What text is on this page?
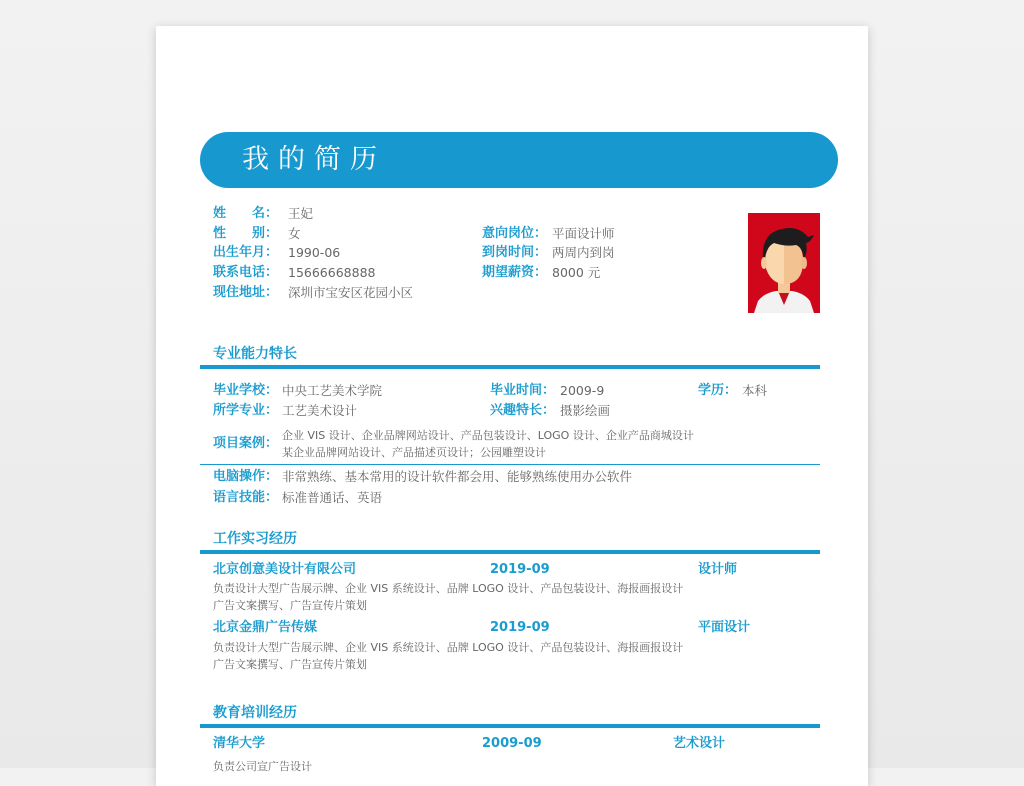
我的简历
姓　　名： 王妃
性　　别： 女
出生年月： 1990-06
联系电话： 15666668888
现住地址： 深圳市宝安区花园小区
意向岗位： 平面设计师
到岗时间： 两周内到岗
期望薪资： 8000 元
专业能力特长
毕业学校： 中央工艺美术学院	毕业时间： 2009-9	学历： 本科
所学专业： 工艺美术设计	兴趣特长： 摄影绘画
项目案例：
企业 VIS 设计、企业品牌网站设计、产品包装设计、LOGO 设计、企业产品商城设计
某企业品牌网站设计、产品描述页设计；公园雕塑设计
电脑操作： 非常熟练、基本常用的设计软件都会用、能够熟练使用办公软件
语言技能： 标准普通话、英语
工作实习经历
北京创意美设计有限公司	2019-09	设计师
负责设计大型广告展示牌、企业 VIS 系统设计、品牌 LOGO 设计、产品包装设计、海报画报设计
广告文案撰写、广告宣传片策划
北京金鼎广告传媒	2019-09	平面设计
负责设计大型广告展示牌、企业 VIS 系统设计、品牌 LOGO 设计、产品包装设计、海报画报设计
广告文案撰写、广告宣传片策划
教育培训经历
清华大学	2009-09	艺术设计
负责公司宣广告设计
